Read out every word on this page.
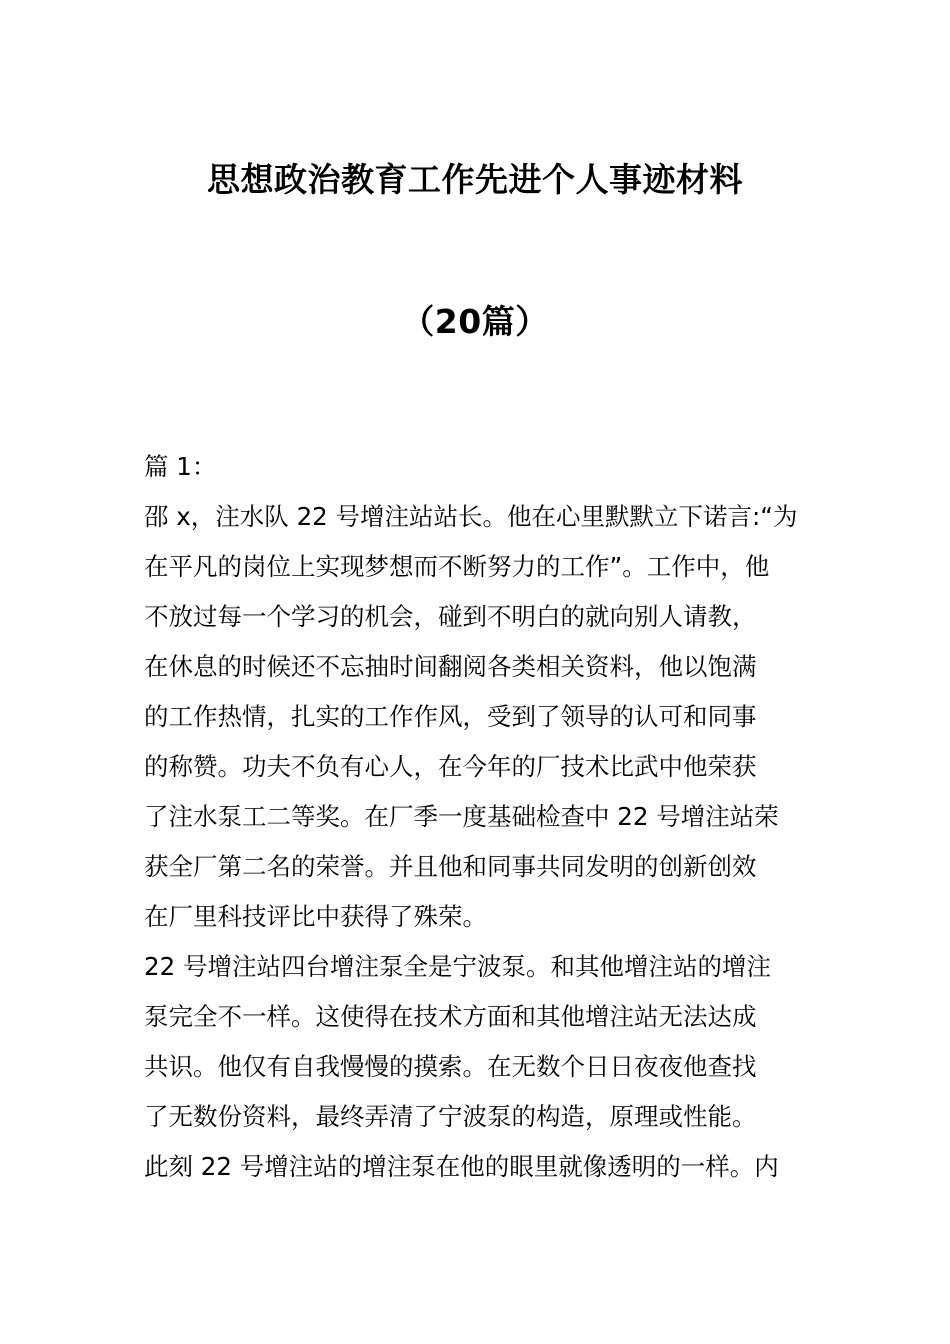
思想政治教育工作先进个人事迹材料
（20篇）
篇 1：
邵 x，注水队 22 号增注站站长。他在心里默默立下诺言:“为
在平凡的岗位上实现梦想而不断努力的工作”。工作中，他
不放过每一个学习的机会，碰到不明白的就向别人请教，
在休息的时候还不忘抽时间翻阅各类相关资料，他以饱满
的工作热情，扎实的工作作风，受到了领导的认可和同事
的称赞。功夫不负有心人，在今年的厂技术比武中他荣获
了注水泵工二等奖。在厂季一度基础检查中 22 号增注站荣
获全厂第二名的荣誉。并且他和同事共同发明的创新创效
在厂里科技评比中获得了殊荣。
22 号增注站四台增注泵全是宁波泵。和其他增注站的增注
泵完全不一样。这使得在技术方面和其他增注站无法达成
共识。他仅有自我慢慢的摸索。在无数个日日夜夜他查找
了无数份资料，最终弄清了宁波泵的构造，原理或性能。
此刻 22 号增注站的增注泵在他的眼里就像透明的一样。内
